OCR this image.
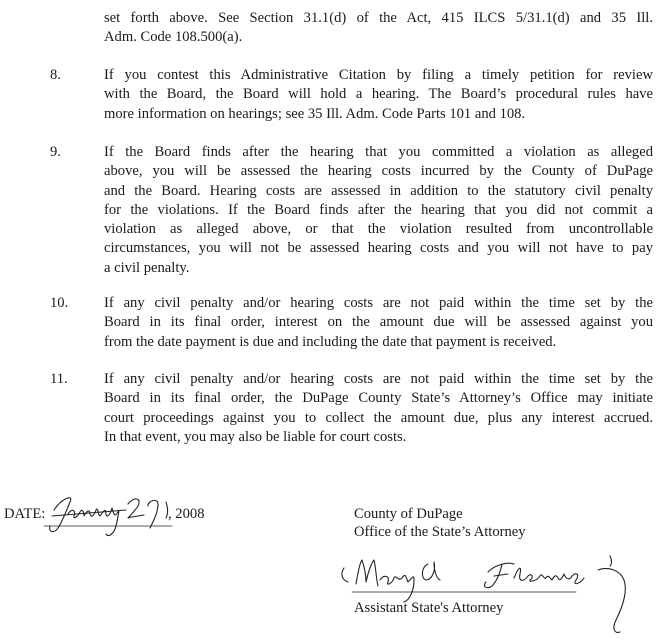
set forth above. See Section 31.1(d) of the Act, 415 ILCS 5/31.1(d) and 35 Ill.
Adm. Code 108.500(a).
8.	If you contest this Administrative Citation by filing a timely petition for review
with the Board, the Board will hold a hearing. The Board’s procedural rules have
more information on hearings; see 35 Ill. Adm. Code Parts 101 and 108.
9.	If the Board finds after the hearing that you committed a violation as alleged
above, you will be assessed the hearing costs incurred by the County of DuPage
and the Board. Hearing costs are assessed in addition to the statutory civil penalty
for the violations. If the Board finds after the hearing that you did not commit a
violation as alleged above, or that the violation resulted from uncontrollable
circumstances, you will not be assessed hearing costs and you will not have to pay
a civil penalty.
10. If any civil penalty and/or hearing costs are not paid within the time set by the
Board in its final order, interest on the amount due will be assessed against you
from the date payment is due and including the date that payment is received.
11. If any civil penalty and/or hearing costs are not paid within the time set by the
Board in its final order, the DuPage County State’s Attorney’s Office may initiate
court proceedings against you to collect the amount due, plus any interest accrued.
In that event, you may also be liable for court costs.
DATE:	, 2008	County of DuPage
Office of the State’s Attorney
Assistant State's Attorney
